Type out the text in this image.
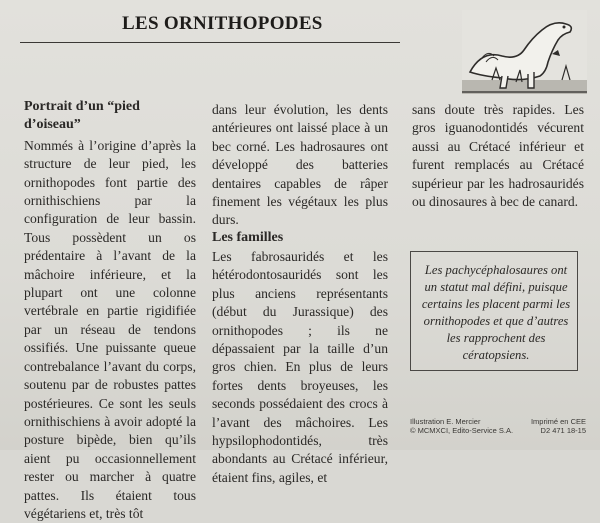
LES ORNITHOPODES

Portrait d’un “pied d’oiseau”

Nommés à l’origine d’après la structure de leur pied, les ornithopodes font partie des ornithischiens par la configuration de leur bassin. Tous possèdent un os prédentaire à l’avant de la mâchoire inférieure, et la plupart ont une colonne vertébrale en partie rigidifiée par un réseau de tendons ossifiés. Une puissante queue contrebalance l’avant du corps, soutenu par de robustes pattes postérieures. Ce sont les seuls ornithischiens à avoir adopté la posture bipède, bien qu’ils aient pu occasionnellement rester ou marcher à quatre pattes. Ils étaient tous végétariens et, très tôt

dans leur évolution, les dents antérieures ont laissé place à un bec corné. Les hadrosaures ont développé des batteries dentaires capables de râper finement les végétaux les plus durs.

Les familles

Les fabrosauridés et les hétérodontosauridés sont les plus anciens représentants (début du Jurassique) des ornithopodes ; ils ne dépassaient par la taille d’un gros chien. En plus de leurs fortes dents broyeuses, les seconds possédaient des crocs à l’avant des mâchoires. Les hypsilophodontidés, très abondants au Crétacé inférieur, étaient fins, agiles, et

sans doute très rapides. Les gros iguanodontidés vécurent aussi au Crétacé inférieur et furent remplacés au Crétacé supérieur par les hadrosauridés ou dinosaures à bec de canard.

Les pachycéphalosaures ont un statut mal défini, puisque certains les placent parmi les ornithopodes et que d’autres les rapprochent des cératopsiens.
Illustration E. Mercier
© MCMXCI, Edito-Service S.A.
Imprimé en CEE
D2 471 18-15
